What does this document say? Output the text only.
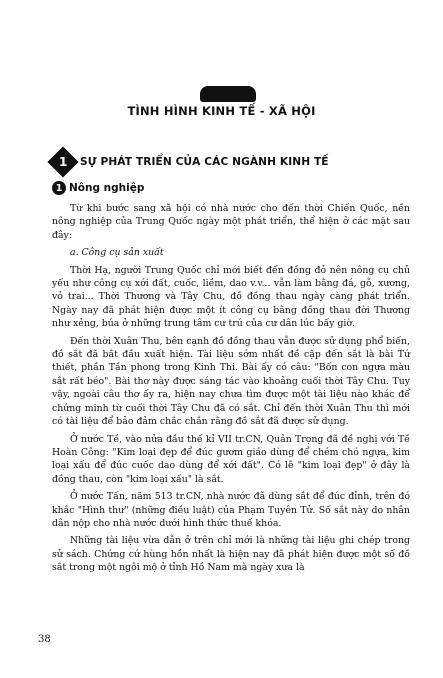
TÌNH HÌNH KINH TẾ - XÃ HỘI
1 SỰ PHÁT TRIỂN CỦA CÁC NGÀNH KINH TẾ
1 Nông nghiệp

Từ khi bước sang xã hội có nhà nước cho đến thời Chiến Quốc, nền nông nghiệp của Trung Quốc ngày một phát triển, thể hiện ở các mặt sau đây:

a. Công cụ sản xuất

Thời Hạ, người Trung Quốc chỉ mới biết đến đồng đỏ nên nông cụ chủ yếu như công cụ xới đất, cuốc, liềm, dao v.v... vẫn làm bằng đá, gỗ, xương, vỏ trai... Thời Thương và Tây Chu, đồ đồng thau ngày càng phát triển. Ngày nay đã phát hiện được một ít công cụ bằng đồng thau đời Thương như xẻng, búa ở những trung tâm cư trú của cư dân lúc bấy giờ.

Đến thời Xuân Thu, bên cạnh đồ đồng thau vẫn được sử dụng phổ biến, đồ sắt đã bắt đầu xuất hiện. Tài liệu sớm nhất đề cập đến sắt là bài Tứ thiết, phần Tần phong trong Kinh Thi. Bài ấy có câu: "Bốn con ngựa màu sắt rất béo". Bài thơ này được sáng tác vào khoảng cuối thời Tây Chu. Tuy vậy, ngoài câu thơ ấy ra, hiện nay chưa tìm được một tài liệu nào khác để chứng minh từ cuối thời Tây Chu đã có sắt. Chỉ đến thời Xuân Thu thì mới có tài liệu để bảo đảm chắc chắn rằng đồ sắt đã được sử dụng.

Ở nước Tề, vào nửa đầu thế kỉ VII tr.CN, Quản Trọng đã đề nghị với Tề Hoàn Công: "Kim loại đẹp để đúc gươm giáo dùng để chém chó ngựa, kim loại xấu để đúc cuốc dao dùng để xới đất". Có lẽ "kim loại đẹp" ở đây là đồng thau, còn "kim loại xấu" là sắt.

Ở nước Tấn, năm 513 tr.CN, nhà nước đã dùng sắt để đúc đỉnh, trên đó khắc "Hình thư" (những điều luật) của Phạm Tuyên Tử. Số sắt này do nhân dân nộp cho nhà nước dưới hình thức thuế khóa.

Những tài liệu vừa dẫn ở trên chỉ mới là những tài liệu ghi chép trong sử sách. Chứng cứ hùng hồn nhất là hiện nay đã phát hiện được một số đồ sắt trong một ngôi mộ ở tỉnh Hồ Nam mà ngày xưa là

38
